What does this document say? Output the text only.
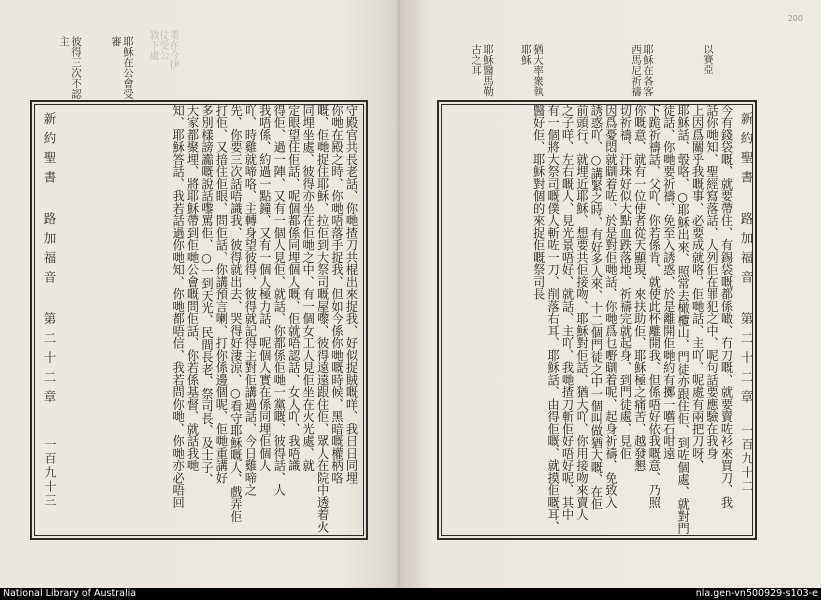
業在今伊
仗受公
敘下處
耶穌在公會受審
彼得三次不認主
新約聖書 路加福音 第二十二章
一百九十三	守殿官共長老話、你哋揸刀共棍出來捉我、好似捉賊嘅咩、我日日同埋
你哋在殿之時、你哋唔落手捉我、但如今係你哋嘅時候、黑暗嘅權柄咯
嘅、佢哋捉住耶穌、拉佢到大祭司嘅屋嚟、彼得遠遠跟住佢、眾人在院中透着火
同埋坐處、彼得亦坐在佢哋之中、有一個女工人見佢坐在火光處、就
定眼望住佢話、呢個都係同埋個人嘅、佢就唔認話、女人吖、我唔識
得佢、過一陣、又有一個人見佢、就話、你都係佢哋一黨嘅、彼得話、人
我唔係、約過一點鐘、又有一個人極力話、呢個人實在係同埋佢個人
吖、時雞就啼咯、主轉身望彼得、彼得就記得主對佢講過話、今日雞啼之
先、你要三次話唔識我、彼得就出去、哭得好淒涼、○看守耶穌嘅人、戲弄佢
打佢、又揞住佢眼、問佢話、你講預言喇、打你係邊個呢、佢哋重講好
多別樣謗讟嘅說話嚟罵佢、○一到天光、民間長老、祭司長、及士子、
大家都聚埋、將耶穌帶到佢哋公會嘅問佢話、你若係基督、就話我哋
知、耶穌答話、我若話過你哋知、你哋都唔信、我若問你哋、你哋亦必唔回
200
耶穌在各客西馬尼祈禱
猶大率衆執耶穌
耶穌醫馬勒古之耳	以賽亞
新約聖書 路加福音 第二十二章
一百九十二
今有錢袋嘅、就要帶住、有錫袋嘅都係噉、冇刀嘅、就要賣咗衫來買刀、我
話你哋知、聖經寫落話、人列佢在罪犯之中、呢句話要應驗在我身
上因爲關乎我嘅事、必要成就咯、佢哋話、主吖、呢處有兩把刀呀、
耶穌話、彀咯、○耶穌出來、照常去橄欖山、門徒亦跟住佢、到咗個處、就對門
徒話、你哋要祈禱、免至入誘惑、於是離開佢哋約有擲一嚿石咁遠
下跪祈禱話、父吖、你若係肯、就使此杯離開我、但係唔好依我嘅意、乃照
你嘅意、就有一位使者從天顯現、來扶助佢、耶穌極之痛苦、越發懇
切祈禱、汗珠好似大點血跌落地、祈禱完就起身、到門徒處、見佢
因爲憂悶就瞓着咗、於是對佢哋話、你哋爲乜嘢瞓着呢、起身祈禱、免致入
誘惑吖、○講緊之時、有好多人來、十二個門徒之中一個叫做猶大嘅、在佢
前頭行、就埋近耶穌、想要共佢接吻、耶穌對佢話、猶大吖、你用接吻來賣人
之子咩、左右嘅人、見光景唔好、就話、主吖、我哋揸刀斬佢好唔好呢、其中
有一個將大祭司嘅僕人斬咗一刀、削落右耳、耶穌話、由得佢嘅、就摸佢嘅耳、
醫好佢、耶穌對個的來捉佢嘅祭司長
National Library of Australia	nla.gen-vn500929-s103-e
